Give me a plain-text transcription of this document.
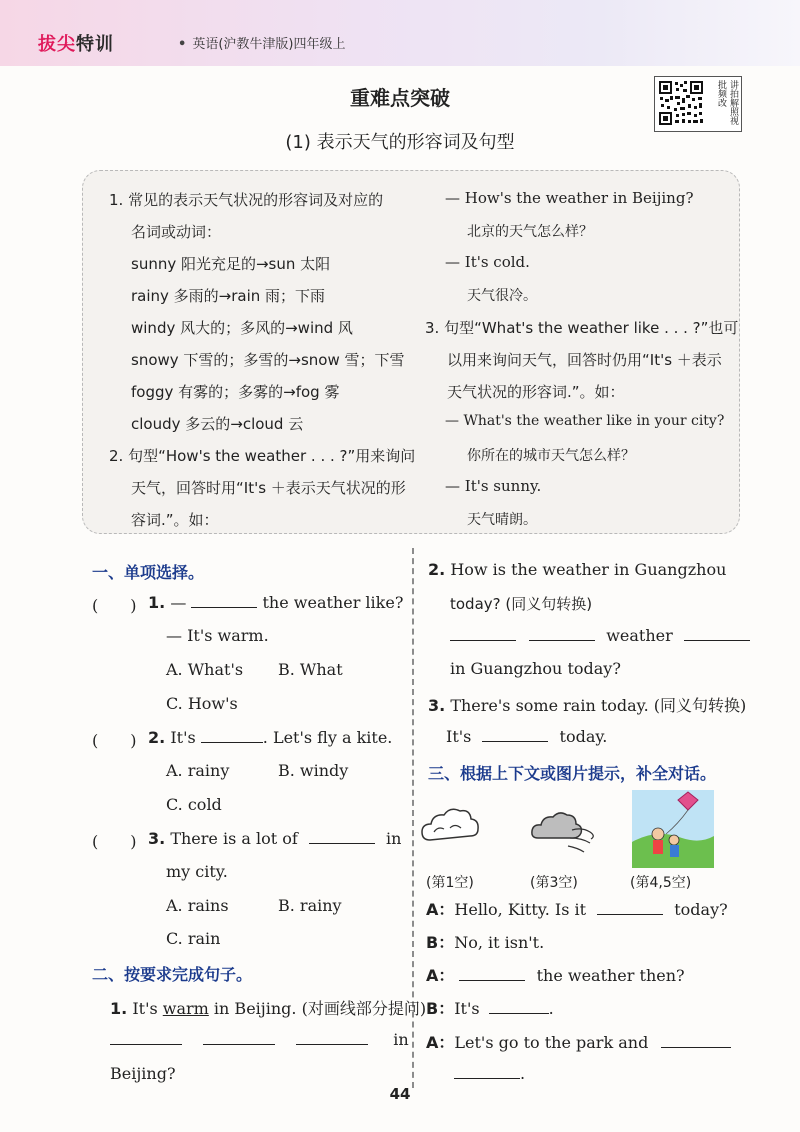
拔尖特训	• 英语(沪教牛津版)四年级上
重难点突破
(1) 表示天气的形容词及句型
讲拍解照视批频改
1. 常见的表示天气状况的形容词及对应的
名词或动词：
sunny 阳光充足的→sun 太阳
rainy 多雨的→rain 雨；下雨
windy 风大的；多风的→wind 风
snowy 下雪的；多雪的→snow 雪；下雪
foggy 有雾的；多雾的→fog 雾
cloudy 多云的→cloud 云
2. 句型“How's the weather . . . ?”用来询问
天气，回答时用“It's ＋表示天气状况的形
容词.”。如：
— How's the weather in Beijing?
北京的天气怎么样？
— It's cold.
天气很冷。
3. 句型“What's the weather like . . . ?”也可
以用来询问天气，回答时仍用“It's ＋表示
天气状况的形容词.”。如：
— What's the weather like in your city?
你所在的城市天气怎么样？
— It's sunny.
天气晴朗。
一、单项选择。
(　　) 1. —	the weather like?
— It's warm.
A. What's B. What
C. How's
(　　) 2. It's	. Let's fly a kite.
A. rainy	B. windy
C. cold
(　　) 3. There is a lot of	in
my city.
A. rains	B. rainy
C. rain
二、按要求完成句子。
1. It's warm in Beijing. (对画线部分提问)
in
Beijing?
2. How is the weather in Guangzhou
today? (同义句转换)
weather
in Guangzhou today?
3. There's some rain today. (同义句转换)
It's	today.
三、根据上下文或图片提示，补全对话。
(第1空)	(第3空)	(第4,5空)
A：Hello, Kitty. Is it	today?
B：No, it isn't.
A：	the weather then?
B：It's	.
A：Let's go to the park and
.
44
